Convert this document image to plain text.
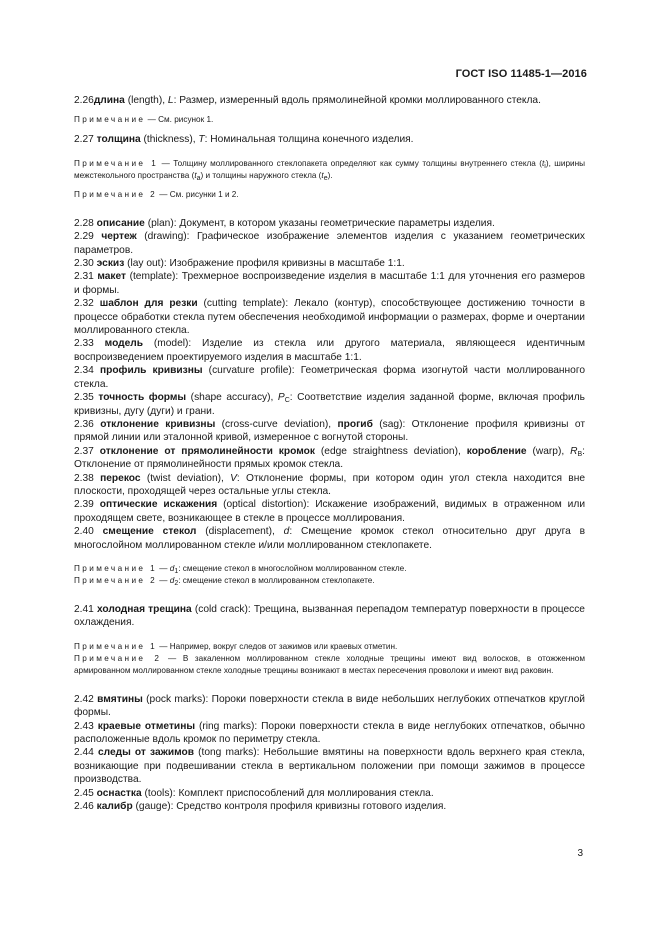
ГОСТ ISO 11485-1—2016

2.26длина (length), L: Размер, измеренный вдоль прямолинейной кромки моллированного стекла.

Примечание — См. рисунок 1.

2.27 толщина (thickness), T: Номинальная толщина конечного изделия.

Примечание 1 — Толщину моллированного стеклопакета определяют как сумму толщины внутреннего стекла $(t_i)$, ширины межстекольного пространства $(t_a)$ и толщины наружного стекла $(t_e)$.

Примечание 2 — См. рисунки 1 и 2.

2.28 описание (plan): Документ, в котором указаны геометрические параметры изделия.

2.29 чертеж (drawing): Графическое изображение элементов изделия с указанием геометрических параметров.

2.30 эскиз (lay out): Изображение профиля кривизны в масштабе 1:1.

2.31 макет (template): Трехмерное воспроизведение изделия в масштабе 1:1 для уточнения его размеров и формы.

2.32 шаблон для резки (cutting template): Лекало (контур), способствующее достижению точности в процессе обработки стекла путем обеспечения необходимой информации о размерах, форме и очертании моллированного стекла.

2.33 модель (model): Изделие из стекла или другого материала, являющееся идентичным воспроизведением проектируемого изделия в масштабе 1:1.

2.34 профиль кривизны (curvature profile): Геометрическая форма изогнутой части моллированного стекла.

2.35 точность формы (shape accuracy), $P_C$: Соответствие изделия заданной форме, включая профиль кривизны, дугу (дуги) и грани.

2.36 отклонение кривизны (cross-curve deviation), прогиб (sag): Отклонение профиля кривизны от прямой линии или эталонной кривой, измеренное с вогнутой стороны.

2.37 отклонение от прямолинейности кромок (edge straightness deviation), коробление (warp), $R_B$: Отклонение от прямолинейности прямых кромок стекла.

2.38 перекос (twist deviation), V: Отклонение формы, при котором один угол стекла находится вне плоскости, проходящей через остальные углы стекла.

2.39 оптические искажения (optical distortion): Искажение изображений, видимых в отраженном или проходящем свете, возникающее в стекле в процессе моллирования.

2.40 смещение стекол (displacement), d: Смещение кромок стекол относительно друг друга в многослойном моллированном стекле и/или моллированном стеклопакете.

Примечание 1 — $d_1$: смещение стекол в многослойном моллированном стекле.

Примечание 2 — $d_2$: смещение стекол в моллированном стеклопакете.

2.41 холодная трещина (cold crack): Трещина, вызванная перепадом температур поверхности в процессе охлаждения.

Примечание 1 — Например, вокруг следов от зажимов или краевых отметин.

Примечание 2 — В закаленном моллированном стекле холодные трещины имеют вид волосков, в отожженном армированном моллированном стекле холодные трещины возникают в местах пересечения проволоки и имеют вид раковин.

2.42 вмятины (pock marks): Пороки поверхности стекла в виде небольших неглубоких отпечатков круглой формы.

2.43 краевые отметины (ring marks): Пороки поверхности стекла в виде неглубоких отпечатков, обычно расположенные вдоль кромок по периметру стекла.

2.44 следы от зажимов (tong marks): Небольшие вмятины на поверхности вдоль верхнего края стекла, возникающие при подвешивании стекла в вертикальном положении при помощи зажимов в процессе производства.

2.45 оснастка (tools): Комплект приспособлений для моллирования стекла.

2.46 калибр (gauge): Средство контроля профиля кривизны готового изделия.

3
